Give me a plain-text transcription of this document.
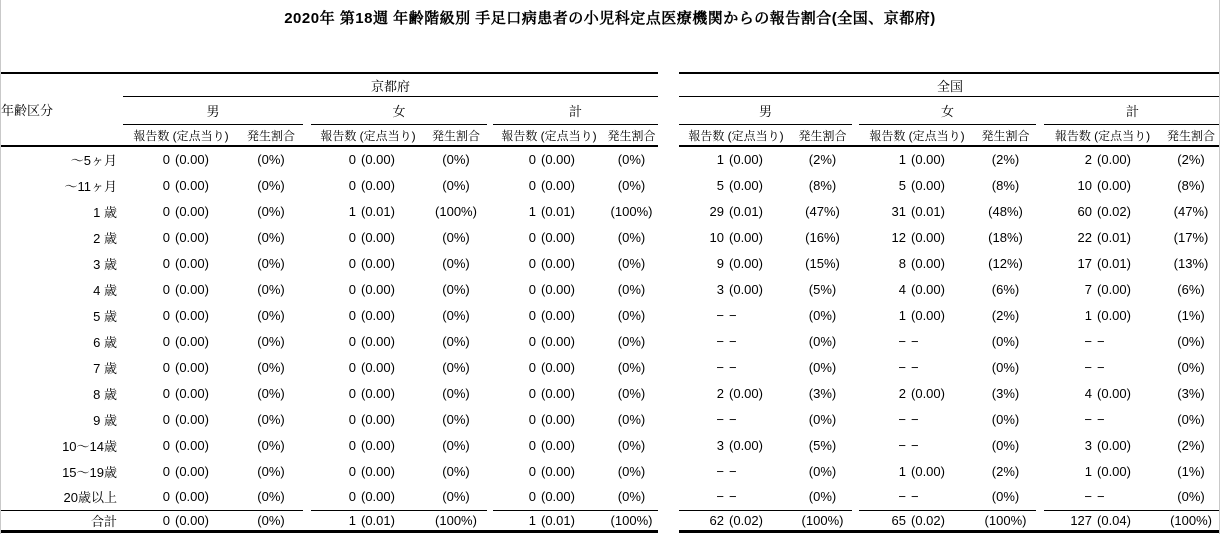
2020年 第18週 年齢階級別 手足口病患者の小児科定点医療機関からの報告割合(全国、京都府)
年齢区分	京都府									全国							
	男			女			計			男			女			計	
	報告数 (定点当り)	発生割合		報告数 (定点当り)	発生割合		報告数 (定点当り)	発生割合		報告数 (定点当り)	発生割合		報告数 (定点当り)	発生割合		報告数 (定点当り)	発生割合
〜5ヶ月	0 (0.00)	(0%)		0 (0.00)	(0%)		0 (0.00)	(0%)		1 (0.00)	(2%)		1 (0.00)	(2%)		2 (0.00)	(2%)
〜11ヶ月	0 (0.00)	(0%)		0 (0.00)	(0%)		0 (0.00)	(0%)		5 (0.00)	(8%)		5 (0.00)	(8%)		10 (0.00)	(8%)
1 歳	0 (0.00)	(0%)		1 (0.01)	(100%)		1 (0.01)	(100%)		29 (0.01)	(47%)		31 (0.01)	(48%)		60 (0.02)	(47%)
2 歳	0 (0.00)	(0%)		0 (0.00)	(0%)		0 (0.00)	(0%)		10 (0.00)	(16%)		12 (0.00)	(18%)		22 (0.01)	(17%)
3 歳	0 (0.00)	(0%)		0 (0.00)	(0%)		0 (0.00)	(0%)		9 (0.00)	(15%)		8 (0.00)	(12%)		17 (0.01)	(13%)
4 歳	0 (0.00)	(0%)		0 (0.00)	(0%)		0 (0.00)	(0%)		3 (0.00)	(5%)		4 (0.00)	(6%)		7 (0.00)	(6%)
5 歳	0 (0.00)	(0%)		0 (0.00)	(0%)		0 (0.00)	(0%)		− −	(0%)		1 (0.00)	(2%)		1 (0.00)	(1%)
6 歳	0 (0.00)	(0%)		0 (0.00)	(0%)		0 (0.00)	(0%)		− −	(0%)		− −	(0%)		− −	(0%)
7 歳	0 (0.00)	(0%)		0 (0.00)	(0%)		0 (0.00)	(0%)		− −	(0%)		− −	(0%)		− −	(0%)
8 歳	0 (0.00)	(0%)		0 (0.00)	(0%)		0 (0.00)	(0%)		2 (0.00)	(3%)		2 (0.00)	(3%)		4 (0.00)	(3%)
9 歳	0 (0.00)	(0%)		0 (0.00)	(0%)		0 (0.00)	(0%)		− −	(0%)		− −	(0%)		− −	(0%)
10〜14歳	0 (0.00)	(0%)		0 (0.00)	(0%)		0 (0.00)	(0%)		3 (0.00)	(5%)		− −	(0%)		3 (0.00)	(2%)
15〜19歳	0 (0.00)	(0%)		0 (0.00)	(0%)		0 (0.00)	(0%)		− −	(0%)		1 (0.00)	(2%)		1 (0.00)	(1%)
20歳以上	0 (0.00)	(0%)		0 (0.00)	(0%)		0 (0.00)	(0%)		− −	(0%)		− −	(0%)		− −	(0%)
合計	0 (0.00)	(0%)		1 (0.01)	(100%)		1 (0.01)	(100%)		62 (0.02)	(100%)		65 (0.02)	(100%)		127 (0.04)	(100%)
